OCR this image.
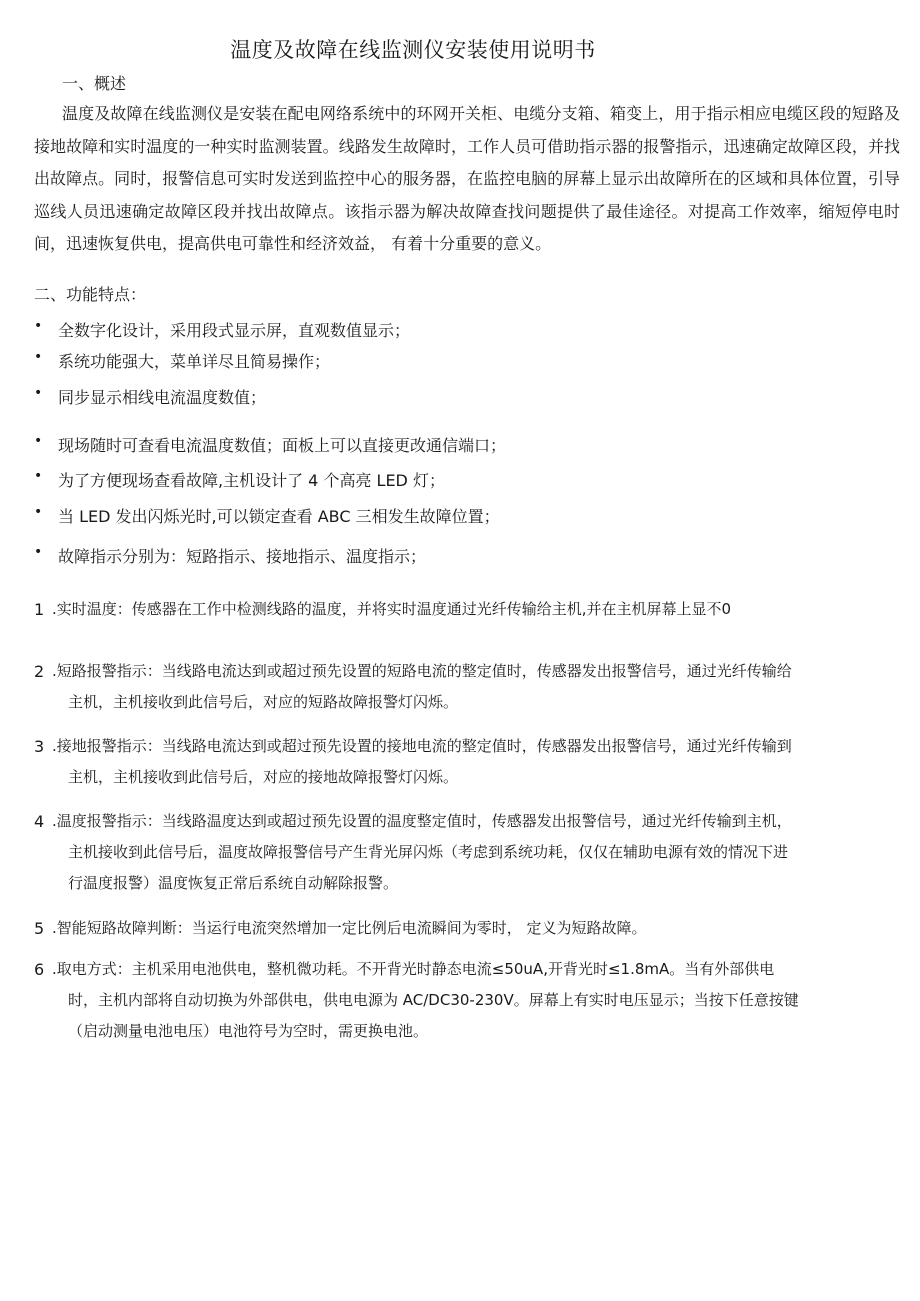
温度及故障在线监测仪安装使用说明书
一、概述

温度及故障在线监测仪是安装在配电网络系统中的环网开关柜、电缆分支箱、箱变上，用于指示相应电缆区段的短路及接地故障和实时温度的一种实时监测装置。线路发生故障时，工作人员可借助指示器的报警指示，迅速确定故障区段，并找出故障点。同时，报警信息可实时发送到监控中心的服务器，在监控电脑的屏幕上显示出故障所在的区域和具体位置，引导巡线人员迅速确定故障区段并找出故障点。该指示器为解决故障查找问题提供了最佳途径。对提高工作效率，缩短停电时间，迅速恢复供电，提高供电可靠性和经济效益， 有着十分重要的意义。

二、功能特点：
• 全数字化设计，采用段式显示屏，直观数值显示；
• 系统功能强大，菜单详尽且简易操作；
• 同步显示相线电流温度数值；
• 现场随时可查看电流温度数值；面板上可以直接更改通信端口；
• 为了方便现场查看故障,主机设计了 4 个高亮 LED 灯；
• 当 LED 发出闪烁光时,可以锁定查看 ABC 三相发生故障位置；
• 故障指示分别为：短路指示、接地指示、温度指示；
1 .实时温度：传感器在工作中检测线路的温度，并将实时温度通过光纤传输给主机,并在主机屏幕上显不0
2 .短路报警指示：当线路电流达到或超过预先设置的短路电流的整定值时，传感器发出报警信号，通过光纤传输给
主机，主机接收到此信号后，对应的短路故障报警灯闪烁。
3 .接地报警指示：当线路电流达到或超过预先设置的接地电流的整定值时，传感器发出报警信号，通过光纤传输到
主机，主机接收到此信号后，对应的接地故障报警灯闪烁。
4 .温度报警指示：当线路温度达到或超过预先设置的温度整定值时，传感器发出报警信号，通过光纤传输到主机，
主机接收到此信号后，温度故障报警信号产生背光屏闪烁（考虑到系统功耗，仅仅在辅助电源有效的情况下进
行温度报警）温度恢复正常后系统自动解除报警。
5 .智能短路故障判断：当运行电流突然增加一定比例后电流瞬间为零时， 定义为短路故障。
6 .取电方式：主机采用电池供电，整机微功耗。不开背光时静态电流≤50uA,开背光时≤1.8mA。当有外部供电
时，主机内部将自动切换为外部供电，供电电源为 AC/DC30-230V。屏幕上有实时电压显示；当按下任意按键
（启动测量电池电压）电池符号为空时，需更换电池。
